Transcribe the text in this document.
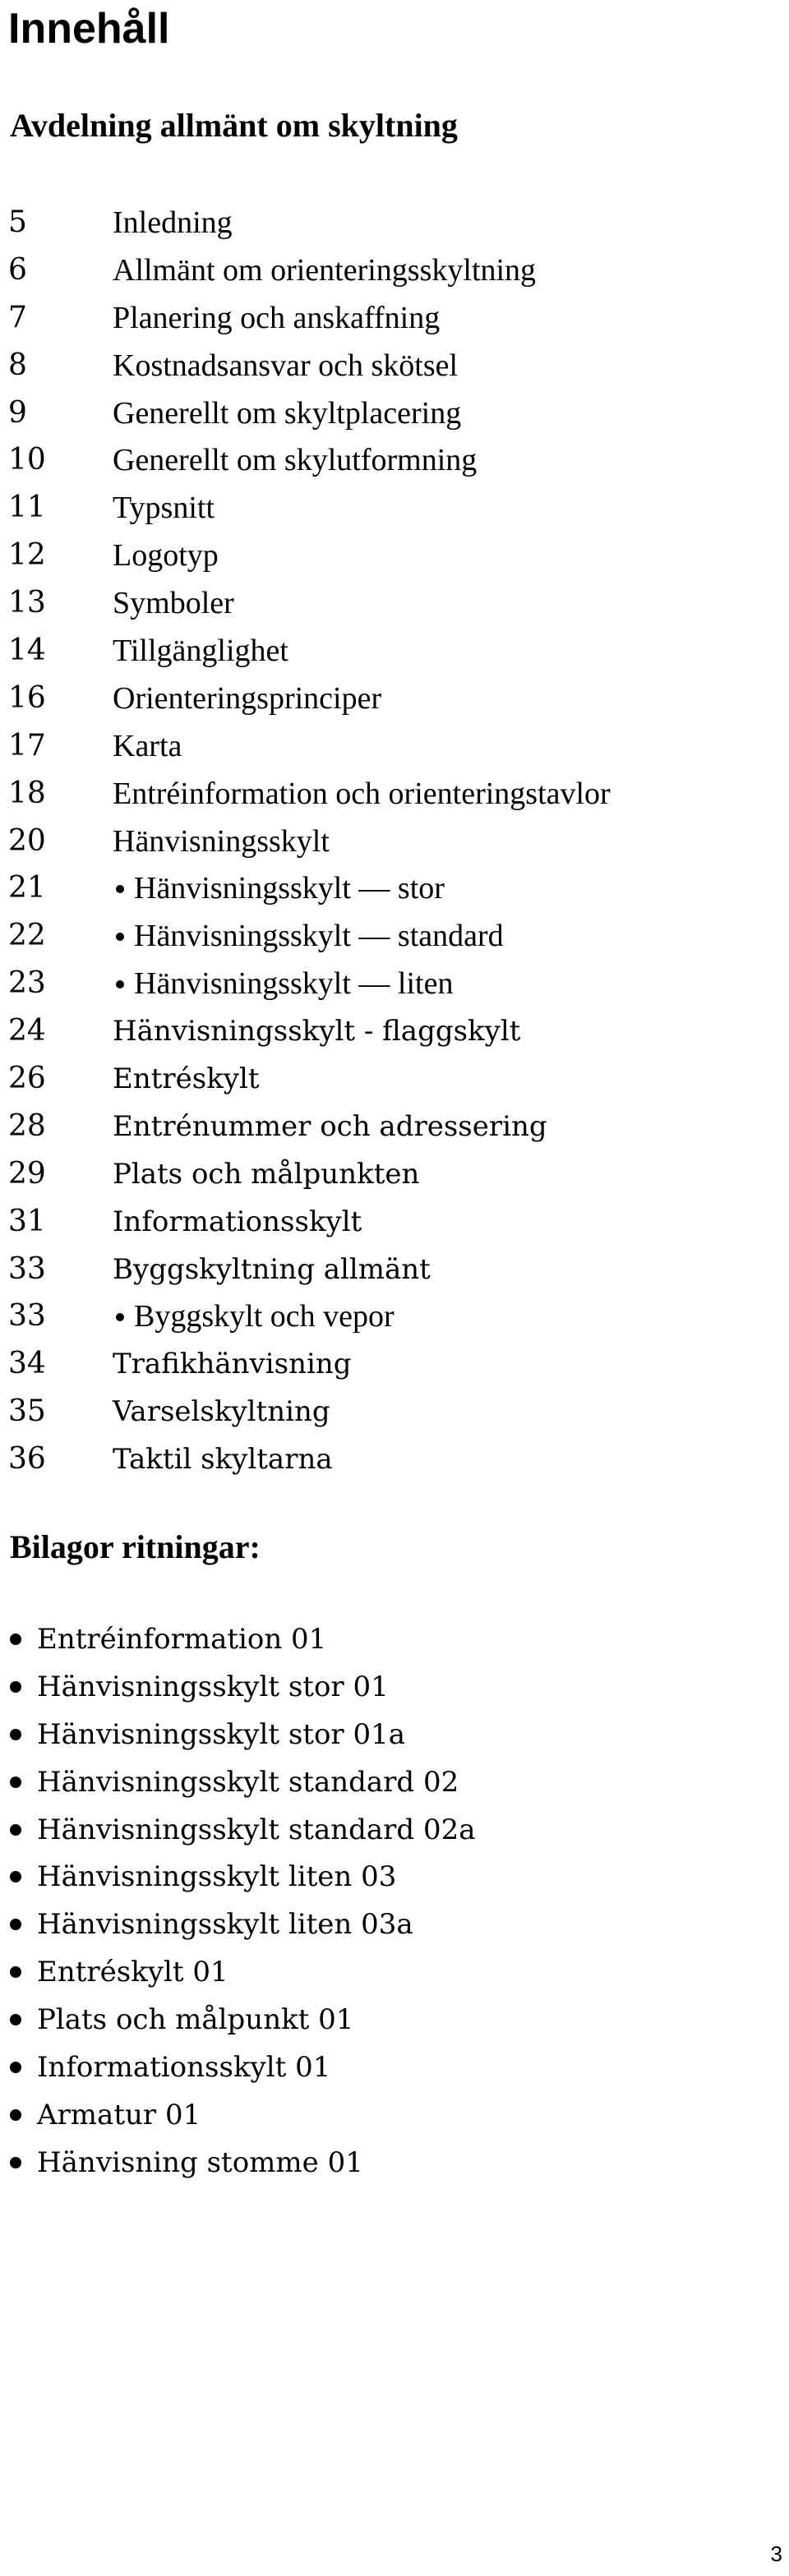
Innehåll
Avdelning allmänt om skyltning
5	Inledning
6	Allmänt om orienteringsskyltning
7	Planering och anskaffning
8	Kostnadsansvar och skötsel
9	Generellt om skyltplacering
10 Generellt om skylutformning
11 Typsnitt
12 Logotyp
13 Symboler
14 Tillgänglighet
16 Orienteringsprinciper
17 Karta
18 Entréinformation och orienteringstavlor
20 Hänvisningsskylt
21	Hänvisningsskylt — stor
22	Hänvisningsskylt — standard
23	Hänvisningsskylt — liten
24 Hänvisningsskylt - flaggskylt
26 Entréskylt
28 Entrénummer och adressering
29 Plats och målpunkten
31 Informationsskylt
33 Byggskyltning allmänt
33	Byggskylt och vepor
34 Trafikhänvisning
35 Varselskyltning
36 Taktil skyltarna
Bilagor ritningar:
Entréinformation 01
Hänvisningsskylt stor 01
Hänvisningsskylt stor 01a
Hänvisningsskylt standard 02
Hänvisningsskylt standard 02a
Hänvisningsskylt liten 03
Hänvisningsskylt liten 03a
Entréskylt 01
Plats och målpunkt 01
Informationsskylt 01
Armatur 01
Hänvisning stomme 01
3
